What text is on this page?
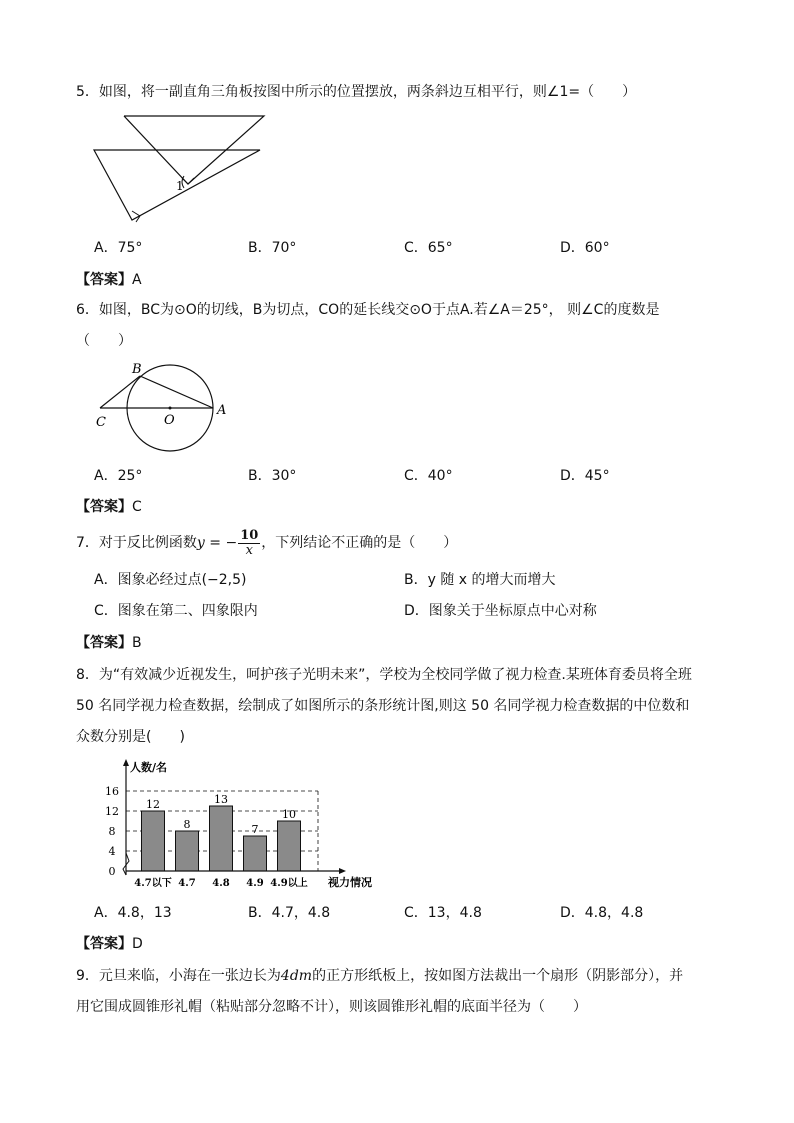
5．如图，将一副直角三角板按图中所示的位置摆放，两条斜边互相平行，则∠1=（　　）
1
A．75°	B．70°	C．65°	D．60°
【答案】A
6．如图，BC为⊙O的切线，B为切点，CO的延长线交⊙O于点A.若∠A＝25°， 则∠C的度数是
（　　）
B
C	O
A
A．25°	B．30°	C．40°	D．45°
【答案】C
7．对于反比例函数y = − $\frac{10}{x}$ ，下列结论不正确的是（　　）
A．图象必经过点(−2,5)	B．y 随 x 的增大而增大
C．图象在第二、四象限内	D．图象关于坐标原点中心对称
【答案】B
8．为“有效减少近视发生，呵护孩子光明未来”，学校为全校同学做了视力检查.某班体育委员将全班
50 名同学视力检查数据，绘制成了如图所示的条形统计图,则这 50 名同学视力检查数据的中位数和
众数分别是(　　)
0
4
8
12
16
12
4.7以下
8
4.7
13
4.8
7
4.9
10
4.9以上
人数/名
视力情况
A．4.8，13	B．4.7，4.8	C．13，4.8	D．4.8，4.8
【答案】D
9．元旦来临，小海在一张边长为4dm的正方形纸板上，按如图方法裁出一个扇形（阴影部分），并
用它围成圆锥形礼帽（粘贴部分忽略不计），则该圆锥形礼帽的底面半径为（　　）
